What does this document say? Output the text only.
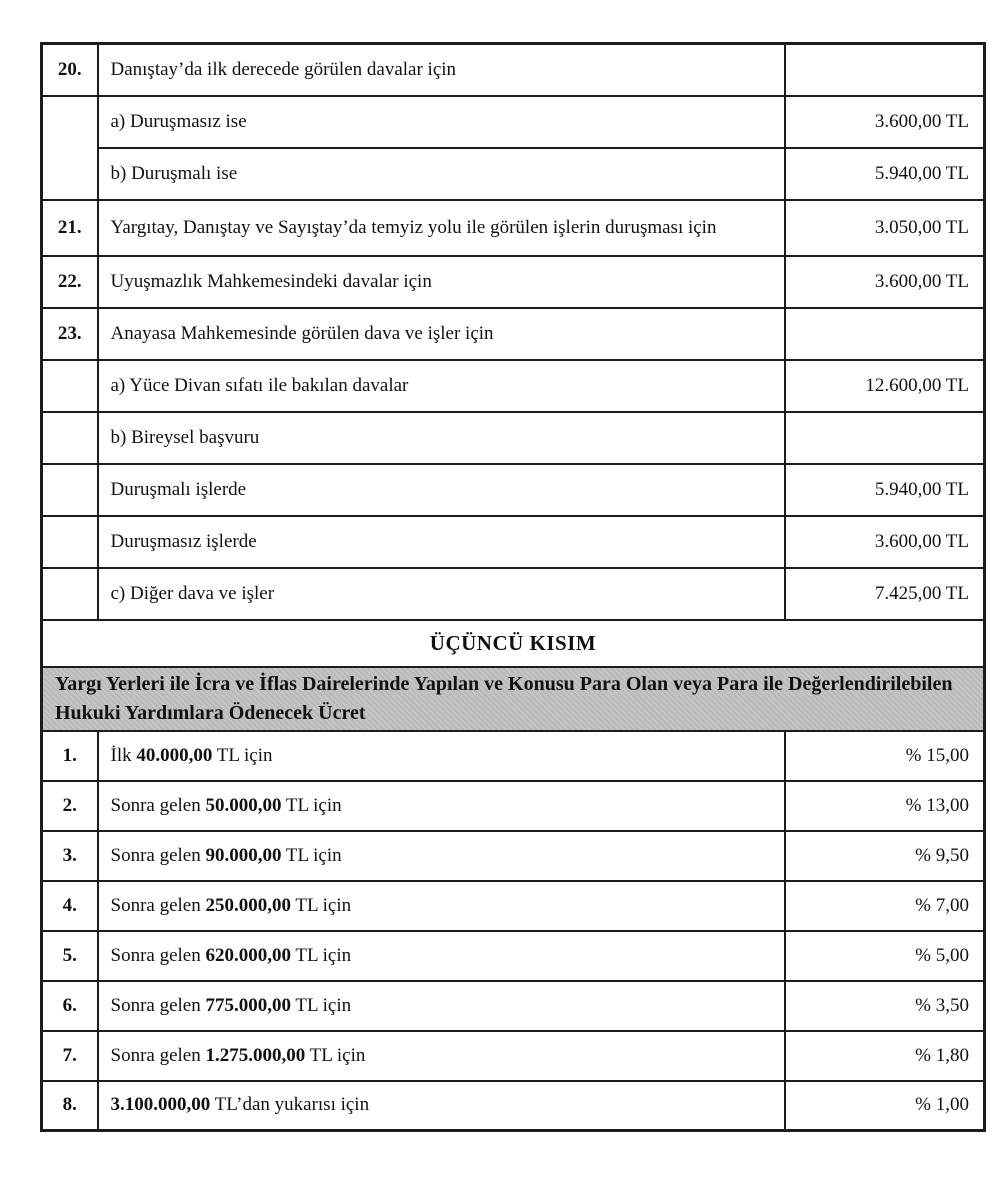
20.	Danıştay’da ilk derecede görülen davalar için	
	a) Duruşmasız ise	3.600,00 TL
	b) Duruşmalı ise	5.940,00 TL
21.	Yargıtay, Danıştay ve Sayıştay’da temyiz yolu ile görülen işlerin duruşması için	3.050,00 TL
22.	Uyuşmazlık Mahkemesindeki davalar için	3.600,00 TL
23.	Anayasa Mahkemesinde görülen dava ve işler için	
	a) Yüce Divan sıfatı ile bakılan davalar	12.600,00 TL
	b) Bireysel başvuru	
	Duruşmalı işlerde	5.940,00 TL
	Duruşmasız işlerde	3.600,00 TL
	c) Diğer dava ve işler	7.425,00 TL
ÜÇÜNCÜ KISIM		
Yargı Yerleri ile İcra ve İflas Dairelerinde Yapılan ve Konusu Para Olan veya Para ile Değerlendirilebilen Hukuki Yardımlara Ödenecek Ücret		
1.	İlk 40.000,00 TL için	% 15,00
2.	Sonra gelen 50.000,00 TL için	% 13,00
3.	Sonra gelen 90.000,00 TL için	% 9,50
4.	Sonra gelen 250.000,00 TL için	% 7,00
5.	Sonra gelen 620.000,00 TL için	% 5,00
6.	Sonra gelen 775.000,00 TL için	% 3,50
7.	Sonra gelen 1.275.000,00 TL için	% 1,80
8.	3.100.000,00 TL’dan yukarısı için	% 1,00
